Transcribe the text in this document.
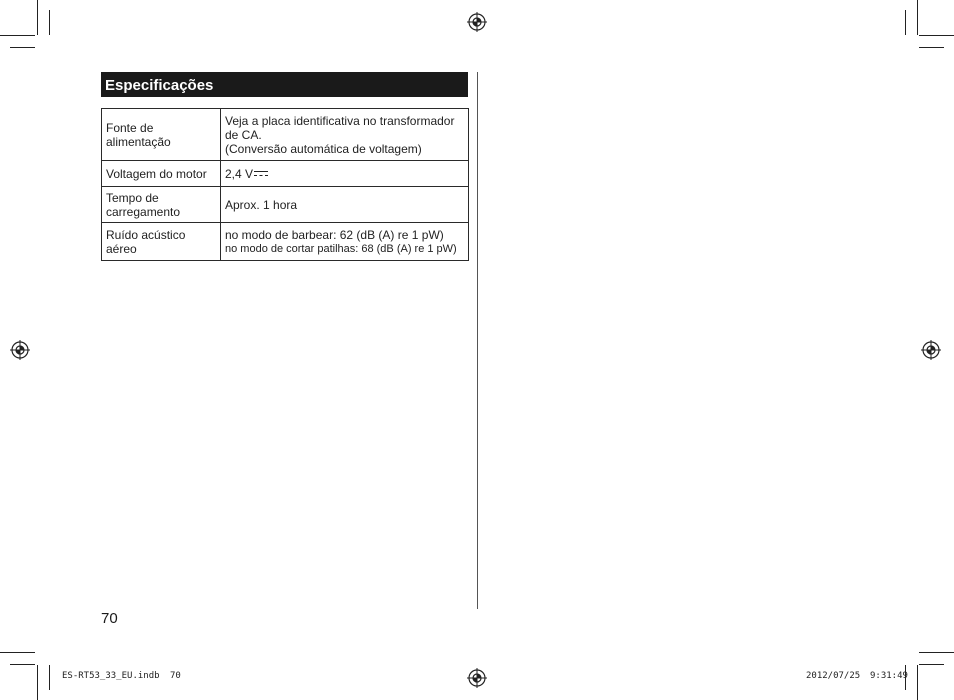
Especificações
Fonte de alimentação	Veja a placa identificativa no transformador de CA.
(Conversão automática de voltagem)

Voltagem do motor	2,4 V
Tempo de carregamento	Aprox. 1 hora
Ruído acústico aéreo	no modo de barbear: 62 (dB (A) re 1 pW)
no modo de cortar patilhas: 68 (dB (A) re 1 pW)
70
ES-RT53_33_EU.indb 70	2012/07/25 9:31:49
